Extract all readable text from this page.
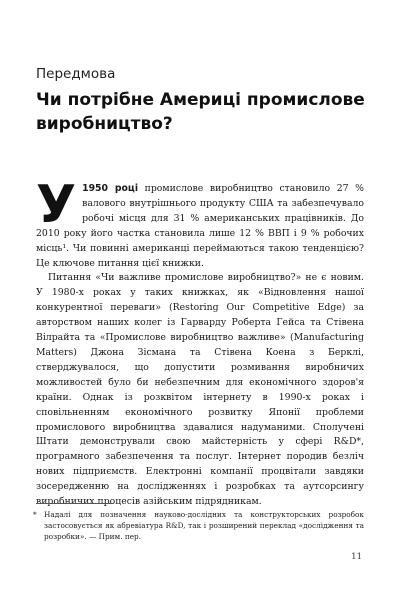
Передмова
Чи потрібне Америці промислове виробництво?

У 1950 році промислове виробництво становило 27 % валового внутрішнього продукту США та забезпечувало робочі місця для 31 % американських працівників. До 2010 року його частка становила лише 12 % ВВП і 9 % робочих місць¹. Чи повинні американці переймаються такою тенденцією? Це ключове питання цієї книжки.

Питання «Чи важливе промислове виробництво?» не є новим. У 1980-х роках у таких книжках, як «Відновлення нашої конкурентної переваги» (Restoring Our Competitive Edge) за авторством наших колег із Гарварду Роберта Гейса та Стівена Вілрайта та «Промислове виробництво важливе» (Manufacturing Matters) Джона Зісмана та Стівена Коена з Берклі, стверджувалося, що допустити розмивання виробничих можливостей було би небезпечним для економічного здоров'я країни. Однак із розквітом інтернету в 1990-х роках і сповільненням економічного розвитку Японії проблеми промислового виробництва здавалися надуманими. Сполучені Штати демонстрували свою майстерність у сфері R&D*, програмного забезпечення та послуг. Інтернет породив безліч нових підприємств. Електронні компанії процвітали завдяки зосередженню на дослідженнях і розробках та аутсорсингу виробничих процесів азійським підрядникам.

* Надалі для позначення науково-дослідних та конструкторських розробок застосовується як абревіатура R&D, так і розширений переклад «дослідження та розробки». — Прим. пер.
11
